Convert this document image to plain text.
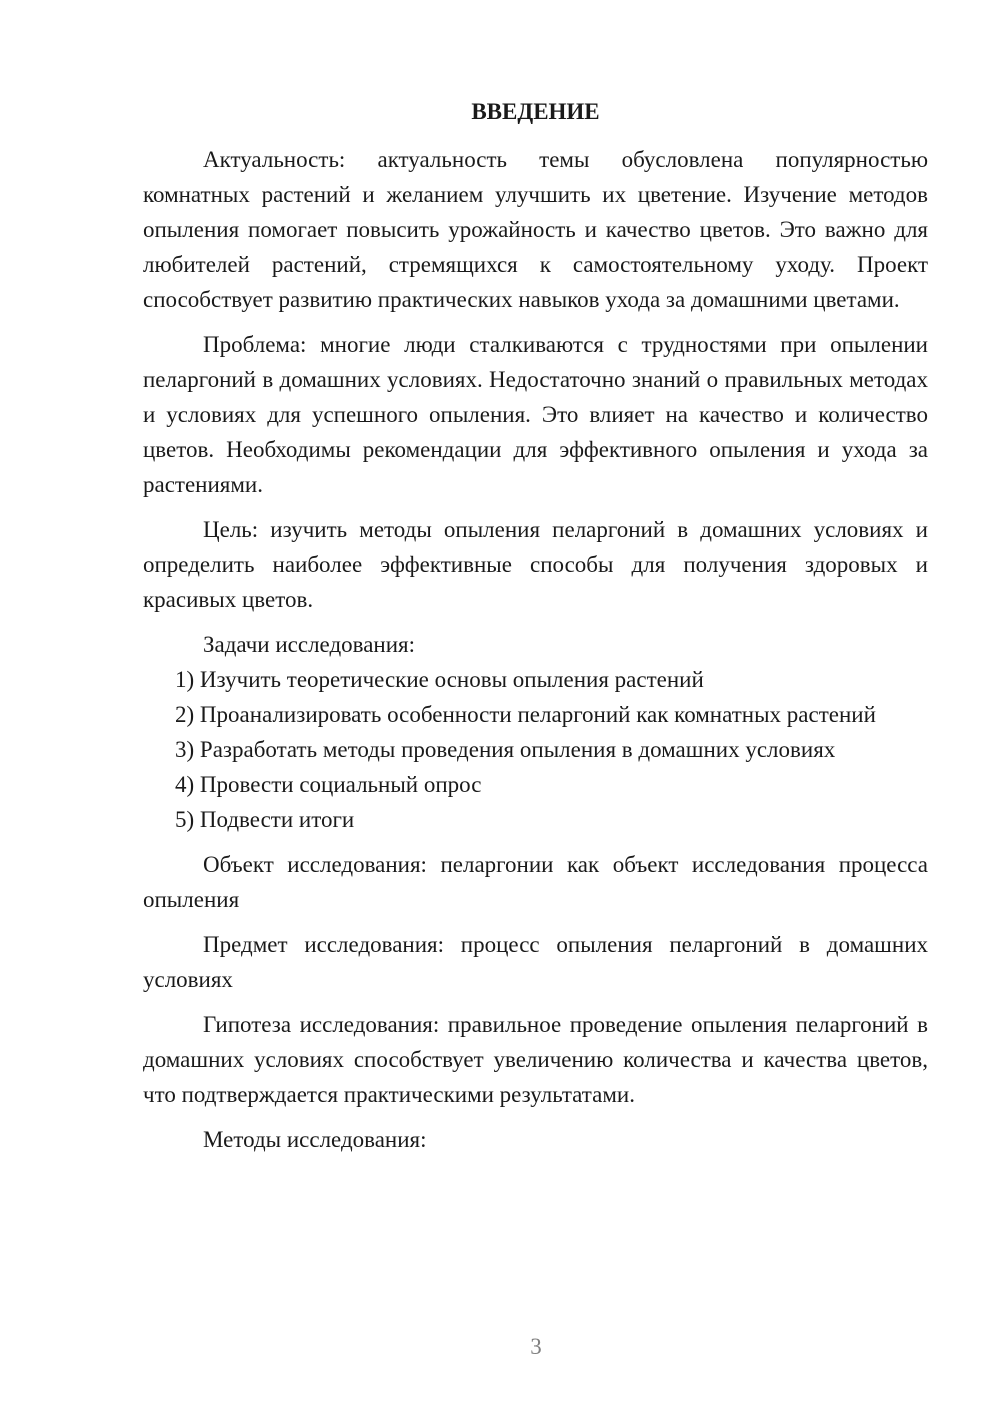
ВВЕДЕНИЕ

Актуальность: актуальность темы обусловлена популярностью комнатных растений и желанием улучшить их цветение. Изучение методов опыления помогает повысить урожайность и качество цветов. Это важно для любителей растений, стремящихся к самостоятельному уходу. Проект способствует развитию практических навыков ухода за домашними цветами.

Проблема: многие люди сталкиваются с трудностями при опылении пеларгоний в домашних условиях. Недостаточно знаний о правильных методах и условиях для успешного опыления. Это влияет на качество и количество цветов. Необходимы рекомендации для эффективного опыления и ухода за растениями.

Цель: изучить методы опыления пеларгоний в домашних условиях и определить наиболее эффективные способы для получения здоровых и красивых цветов.

Задачи исследования:

1) Изучить теоретические основы опыления растений

2) Проанализировать особенности пеларгоний как комнатных растений

3) Разработать методы проведения опыления в домашних условиях

4) Провести социальный опрос

5) Подвести итоги

Объект исследования: пеларгонии как объект исследования процесса опыления

Предмет исследования: процесс опыления пеларгоний в домашних условиях

Гипотеза исследования: правильное проведение опыления пеларгоний в домашних условиях способствует увеличению количества и качества цветов, что подтверждается практическими результатами.

Методы исследования:

3
